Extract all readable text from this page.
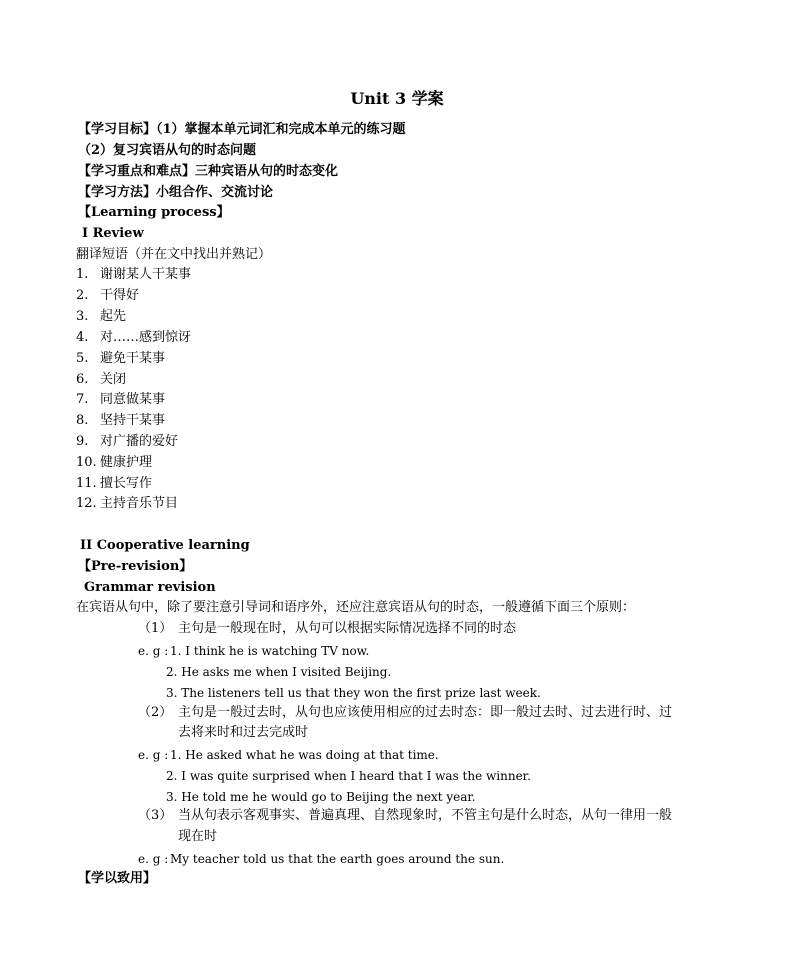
Unit 3 学案
【学习目标】（1）掌握本单元词汇和完成本单元的练习题
（2）复习宾语从句的时态问题
【学习重点和难点】三种宾语从句的时态变化
【学习方法】小组合作、交流讨论
【Learning process】
I Review
翻译短语（并在文中找出并熟记）
1. 谢谢某人干某事
2. 干得好
3. 起先
4. 对……感到惊讶
5. 避免干某事
6. 关闭
7. 同意做某事
8. 坚持干某事
9. 对广播的爱好
10. 健康护理
11. 擅长写作
12. 主持音乐节目
II Cooperative learning
【Pre-revision】
Grammar revision
在宾语从句中，除了要注意引导词和语序外，还应注意宾语从句的时态，一般遵循下面三个原则：
（1） 主句是一般现在时，从句可以根据实际情况选择不同的时态
e. g : 1. I think he is watching TV now.
2. He asks me when I visited Beijing.
3. The listeners tell us that they won the first prize last week.
（2） 主句是一般过去时，从句也应该使用相应的过去时态：即一般过去时、过去进行时、过
去将来时和过去完成时
e. g : 1. He asked what he was doing at that time.
2. I was quite surprised when I heard that I was the winner.
3. He told me he would go to Beijing the next year.
（3） 当从句表示客观事实、普遍真理、自然现象时，不管主句是什么时态，从句一律用一般
现在时
e. g : My teacher told us that the earth goes around the sun.
【学以致用】
